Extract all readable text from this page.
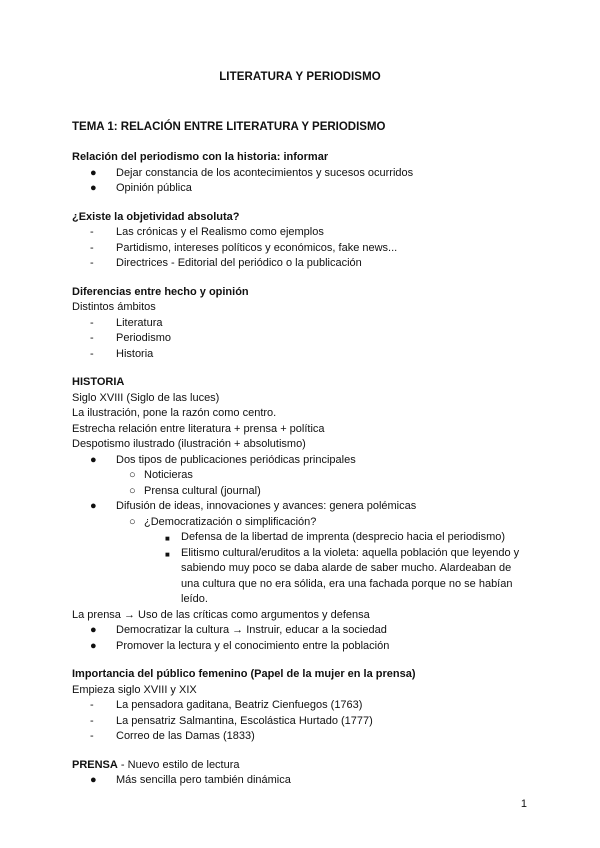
LITERATURA Y PERIODISMO
TEMA 1: RELACIÓN ENTRE LITERATURA Y PERIODISMO
Relación del periodismo con la historia: informar
● Dejar constancia de los acontecimientos y sucesos ocurridos
● Opinión pública
¿Existe la objetividad absoluta?
- Las crónicas y el Realismo como ejemplos
- Partidismo, intereses políticos y económicos, fake news...
- Directrices - Editorial del periódico o la publicación
Diferencias entre hecho y opinión
Distintos ámbitos
- Literatura
- Periodismo
- Historia
HISTORIA
Siglo XVIII (Siglo de las luces)
La ilustración, pone la razón como centro.
Estrecha relación entre literatura + prensa + política
Despotismo ilustrado (ilustración + absolutismo)
● Dos tipos de publicaciones periódicas principales
○ Noticieras
○ Prensa cultural (journal)
● Difusión de ideas, innovaciones y avances: genera polémicas
○ ¿Democratización o simplificación?
■ Defensa de la libertad de imprenta (desprecio hacia el periodismo)
■ Elitismo cultural/eruditos a la violeta: aquella población que leyendo y sabiendo muy poco se daba alarde de saber mucho. Alardeaban de una cultura que no era sólida, era una fachada porque no se habían leído.
La prensa → Uso de las críticas como argumentos y defensa
● Democratizar la cultura → Instruir, educar a la sociedad
● Promover la lectura y el conocimiento entre la población
Importancia del público femenino (Papel de la mujer en la prensa)
Empieza siglo XVIII y XIX
- La pensadora gaditana, Beatriz Cienfuegos (1763)
- La pensatriz Salmantina, Escolástica Hurtado (1777)
- Correo de las Damas (1833)
PRENSA - Nuevo estilo de lectura
● Más sencilla pero también dinámica
1
